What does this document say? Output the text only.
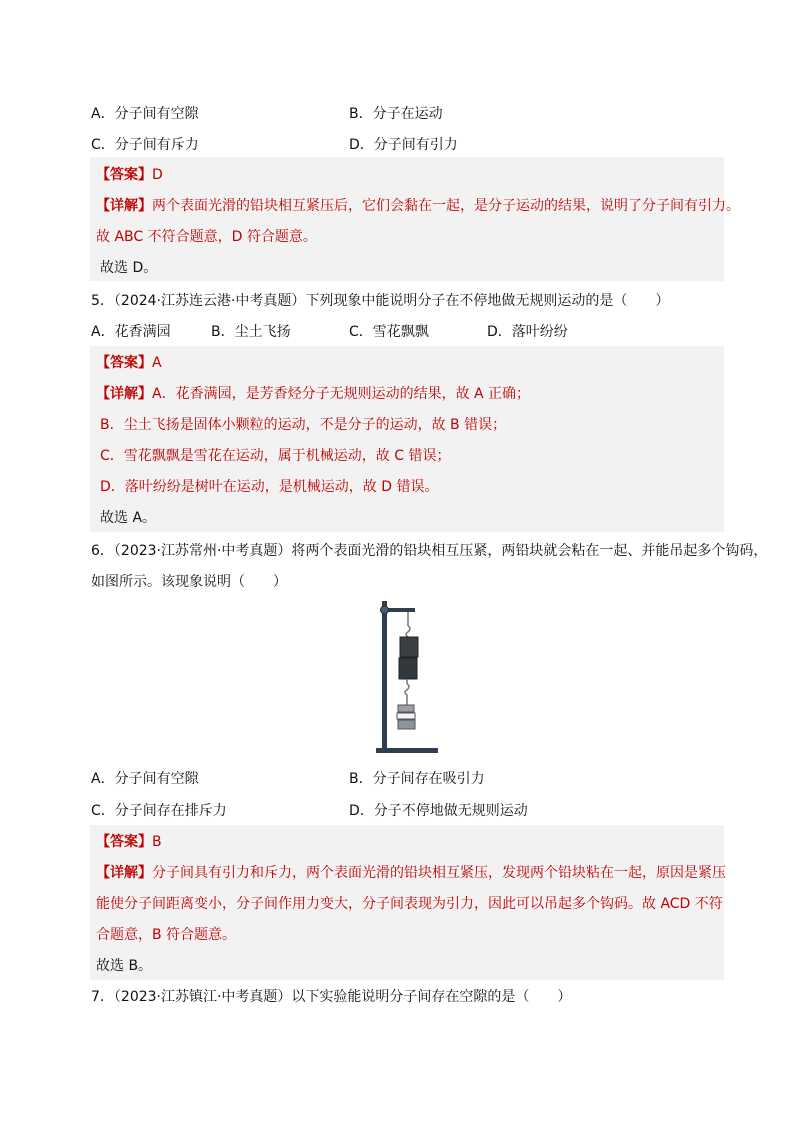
A．分子间有空隙	B．分子在运动
C．分子间有斥力	D．分子间有引力
【答案】D
【详解】两个表面光滑的铅块相互紧压后，它们会黏在一起，是分子运动的结果，说明了分子间有引力。
故 ABC 不符合题意，D 符合题意。
故选 D。
5．（2024·江苏连云港·中考真题）下列现象中能说明分子在不停地做无规则运动的是（　　）
A．花香满园	B．尘土飞扬	C．雪花飘飘	D．落叶纷纷
【答案】A
【详解】A．花香满园，是芳香烃分子无规则运动的结果，故 A 正确；
B．尘土飞扬是固体小颗粒的运动，不是分子的运动，故 B 错误；
C．雪花飘飘是雪花在运动，属于机械运动，故 C 错误；
D．落叶纷纷是树叶在运动，是机械运动，故 D 错误。
故选 A。
6．（2023·江苏常州·中考真题）将两个表面光滑的铅块相互压紧，两铅块就会粘在一起、并能吊起多个钩码，
如图所示。该现象说明（　　）
A．分子间有空隙	B．分子间存在吸引力
C．分子间存在排斥力	D．分子不停地做无规则运动
【答案】B
【详解】分子间具有引力和斥力，两个表面光滑的铅块相互紧压，发现两个铅块粘在一起，原因是紧压
能使分子间距离变小，分子间作用力变大，分子间表现为引力，因此可以吊起多个钩码。故 ACD 不符
合题意，B 符合题意。
故选 B。
7．（2023·江苏镇江·中考真题）以下实验能说明分子间存在空隙的是（　　）
